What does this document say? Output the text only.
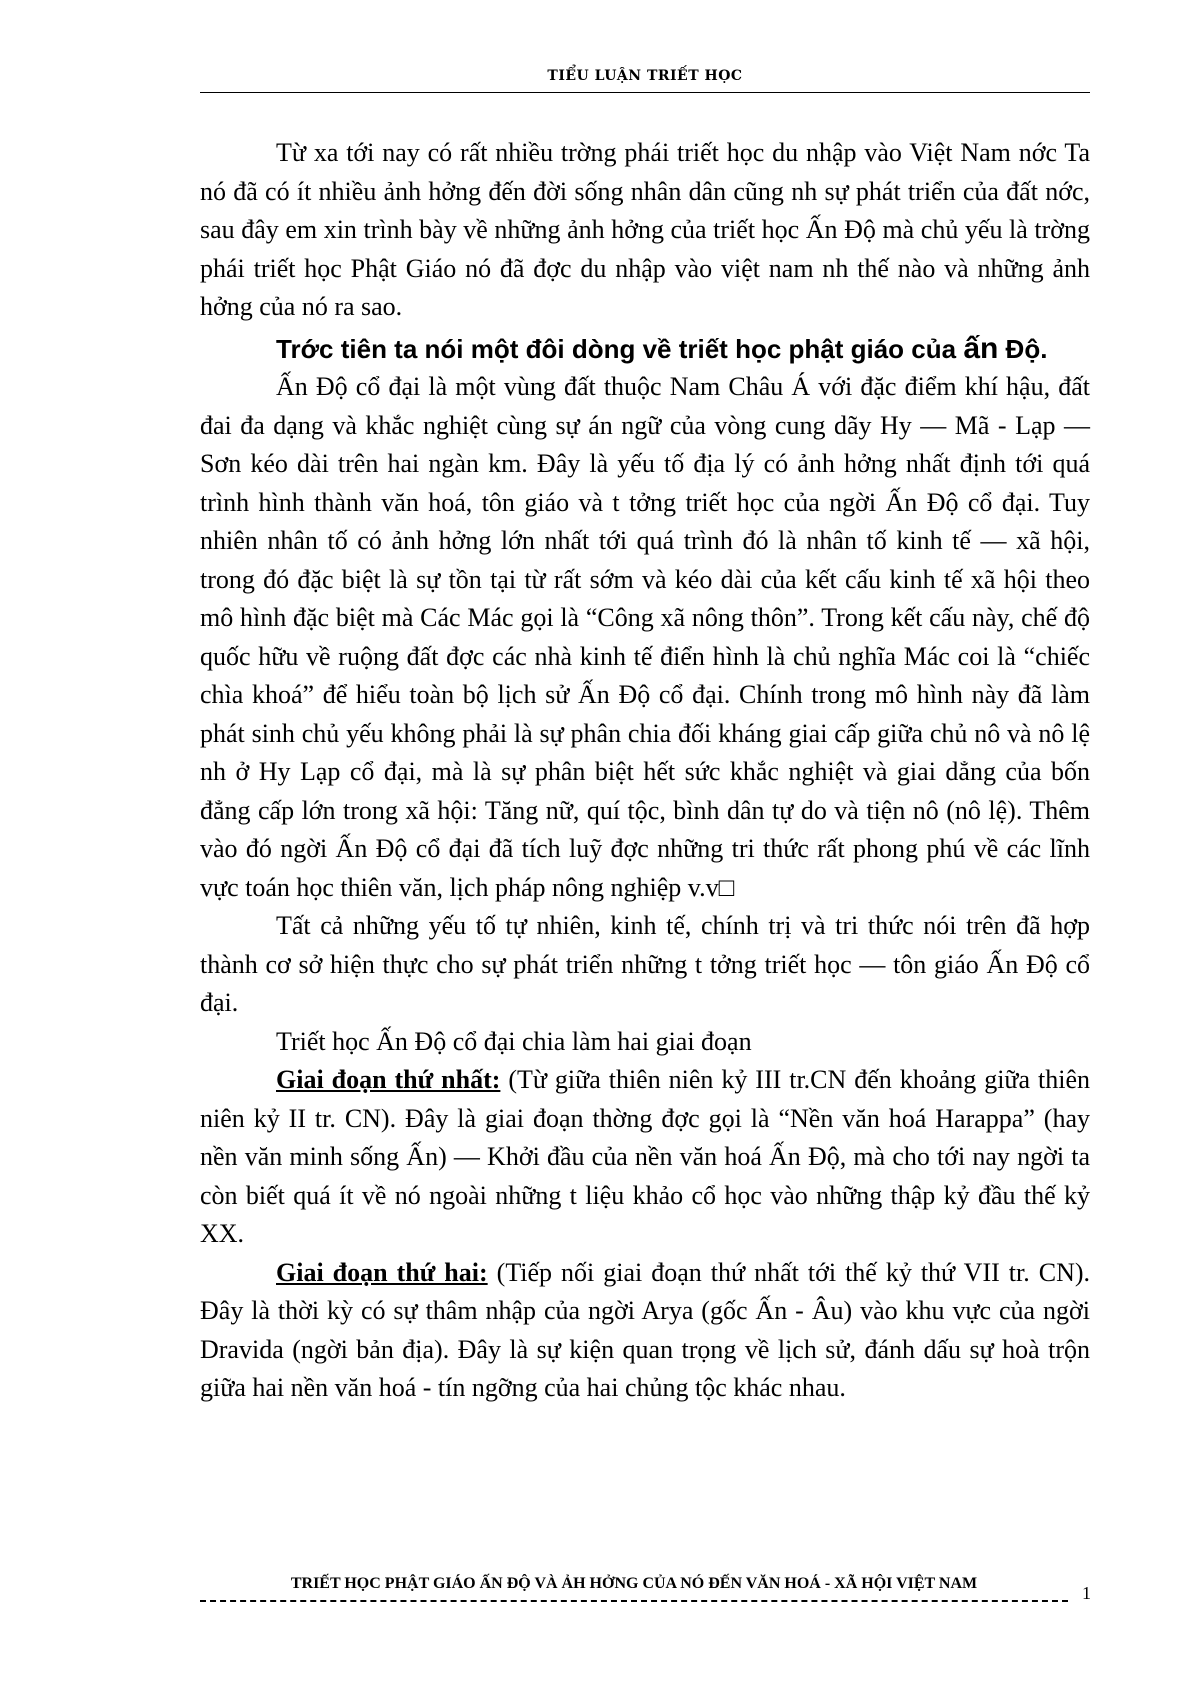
TIỂU LUẬN TRIẾT HỌC

Từ xa tới nay có rất nhiều trờng phái triết học du nhập vào Việt Nam nớc Ta nó đã có ít nhiều ảnh hởng đến đời sống nhân dân cũng nh sự phát triển của đất nớc, sau đây em xin trình bày về những ảnh hởng của triết học Ấn Độ mà chủ yếu là trờng phái triết học Phật Giáo nó đã đợc du nhập vào việt nam nh thế nào và những ảnh hởng của nó ra sao.

Trớc tiên ta nói một đôi dòng về triết học phật giáo của ấn Độ.

Ấn Độ cổ đại là một vùng đất thuộc Nam Châu Á với đặc điểm khí hậu, đất đai đa dạng và khắc nghiệt cùng sự án ngữ của vòng cung dãy Hy — Mã - Lạp — Sơn kéo dài trên hai ngàn km. Đây là yếu tố địa lý có ảnh hởng nhất định tới quá trình hình thành văn hoá, tôn giáo và t tởng triết học của ngời Ấn Độ cổ đại. Tuy nhiên nhân tố có ảnh hởng lớn nhất tới quá trình đó là nhân tố kinh tế — xã hội, trong đó đặc biệt là sự tồn tại từ rất sớm và kéo dài của kết cấu kinh tế xã hội theo mô hình đặc biệt mà Các Mác gọi là “Công xã nông thôn”. Trong kết cấu này, chế độ quốc hữu về ruộng đất đợc các nhà kinh tế điển hình là chủ nghĩa Mác coi là “chiếc chìa khoá” để hiểu toàn bộ lịch sử Ấn Độ cổ đại. Chính trong mô hình này đã làm phát sinh chủ yếu không phải là sự phân chia đối kháng giai cấp giữa chủ nô và nô lệ nh ở Hy Lạp cổ đại, mà là sự phân biệt hết sức khắc nghiệt và giai dẳng của bốn đẳng cấp lớn trong xã hội: Tăng nữ, quí tộc, bình dân tự do và tiện nô (nô lệ). Thêm vào đó ngời Ấn Độ cổ đại đã tích luỹ đợc những tri thức rất phong phú về các lĩnh vực toán học thiên văn, lịch pháp nông nghiệp v.v□

Tất cả những yếu tố tự nhiên, kinh tế, chính trị và tri thức nói trên đã hợp thành cơ sở hiện thực cho sự phát triển những t tởng triết học — tôn giáo Ấn Độ cổ đại.

Triết học Ấn Độ cổ đại chia làm hai giai đoạn

Giai đoạn thứ nhất: (Từ giữa thiên niên kỷ III tr.CN đến khoảng giữa thiên niên kỷ II tr. CN). Đây là giai đoạn thờng đợc gọi là “Nền văn hoá Harappa” (hay nền văn minh sống Ấn) — Khởi đầu của nền văn hoá Ấn Độ, mà cho tới nay ngời ta còn biết quá ít về nó ngoài những t liệu khảo cổ học vào những thập kỷ đầu thế kỷ XX.

Giai đoạn thứ hai: (Tiếp nối giai đoạn thứ nhất tới thế kỷ thứ VII tr. CN). Đây là thời kỳ có sự thâm nhập của ngời Arya (gốc Ấn - Âu) vào khu vực của ngời Dravida (ngời bản địa). Đây là sự kiện quan trọng về lịch sử, đánh dấu sự hoà trộn giữa hai nền văn hoá - tín ngỡng của hai chủng tộc khác nhau.

TRIẾT HỌC PHẬT GIÁO ẤN ĐỘ VÀ ẢH HỞNG CỦA NÓ ĐẾN VĂN HOÁ - XÃ HỘI VIỆT NAM	1
